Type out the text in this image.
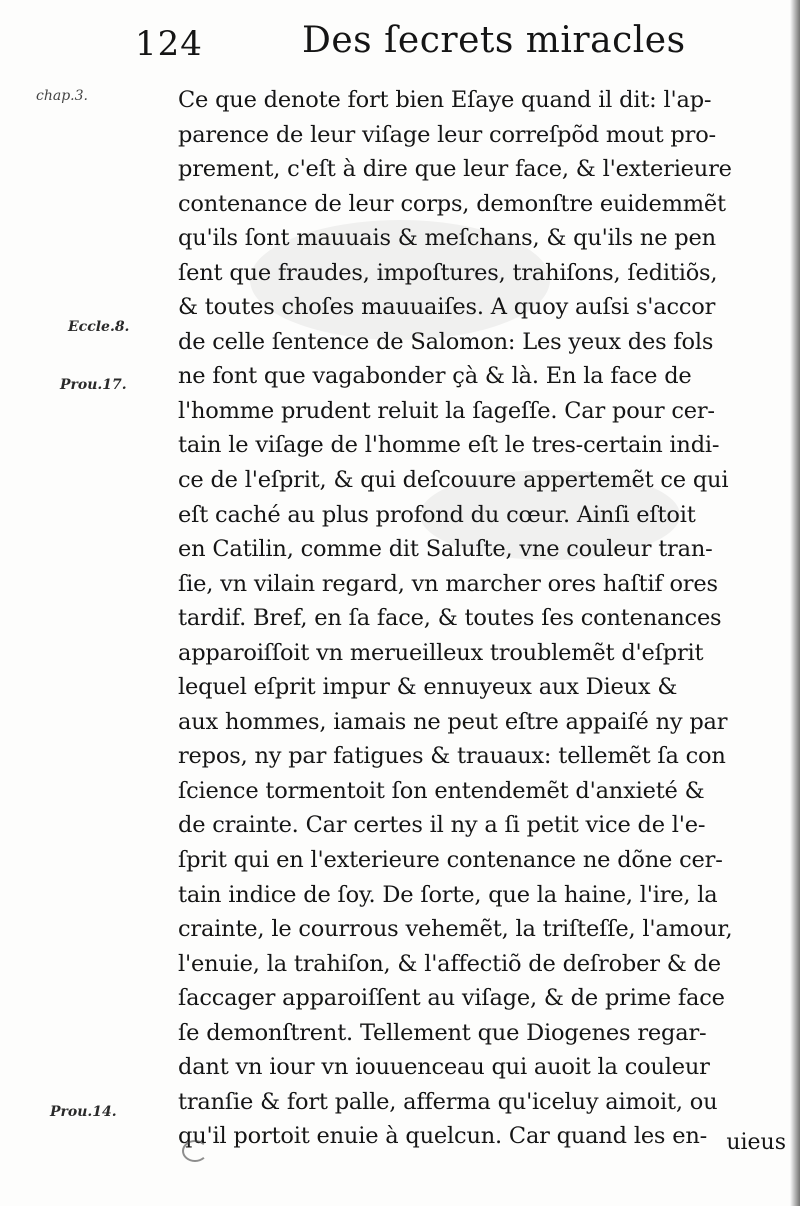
124	Des ſecrets miracles
chap.3.
Eccle.8.
Prou.17.
Prou.14.
Ce que denote fort bien Eſaye quand il dit: l'ap-
parence de leur viſage leur correſpõd mout pro-
prement, c'eſt à dire que leur face, & l'exterieure
contenance de leur corps, demonſtre euidemmẽt
qu'ils ſont mauuais & meſchans, & qu'ils ne pen
ſent que fraudes, impoſtures, trahiſons, ſeditiõs,
& toutes choſes mauuaiſes. A quoy auſsi s'accor
de celle ſentence de Salomon: Les yeux des fols
ne font que vagabonder çà & là. En la face de
l'homme prudent reluit la ſageſſe. Car pour cer-
tain le viſage de l'homme eſt le tres-certain indi-
ce de l'eſprit, & qui deſcouure appertemẽt ce qui
eſt caché au plus profond du cœur. Ainſi eſtoit
en Catilin, comme dit Saluſte, vne couleur tran-
ſie, vn vilain regard, vn marcher ores haſtif ores
tardif. Bref, en ſa face, & toutes ſes contenances
apparoiſſoit vn merueilleux troublemẽt d'eſprit
lequel eſprit impur & ennuyeux aux Dieux &
aux hommes, iamais ne peut eſtre appaiſé ny par
repos, ny par fatigues & trauaux: tellemẽt ſa con
ſcience tormentoit ſon entendemẽt d'anxieté &
de crainte. Car certes il ny a ſi petit vice de l'e-
ſprit qui en l'exterieure contenance ne dõne cer-
tain indice de ſoy. De ſorte, que la haine, l'ire, la
crainte, le courrous vehemẽt, la triſteſſe, l'amour,
l'enuie, la trahiſon, & l'affectiõ de deſrober & de
ſaccager apparoiſſent au viſage, & de prime face
ſe demonſtrent. Tellement que Diogenes regar-
dant vn iour vn iouuenceau qui auoit la couleur
tranſie & fort palle, afferma qu'iceluy aimoit, ou
qu'il portoit enuie à quelcun. Car quand les en- uieus
